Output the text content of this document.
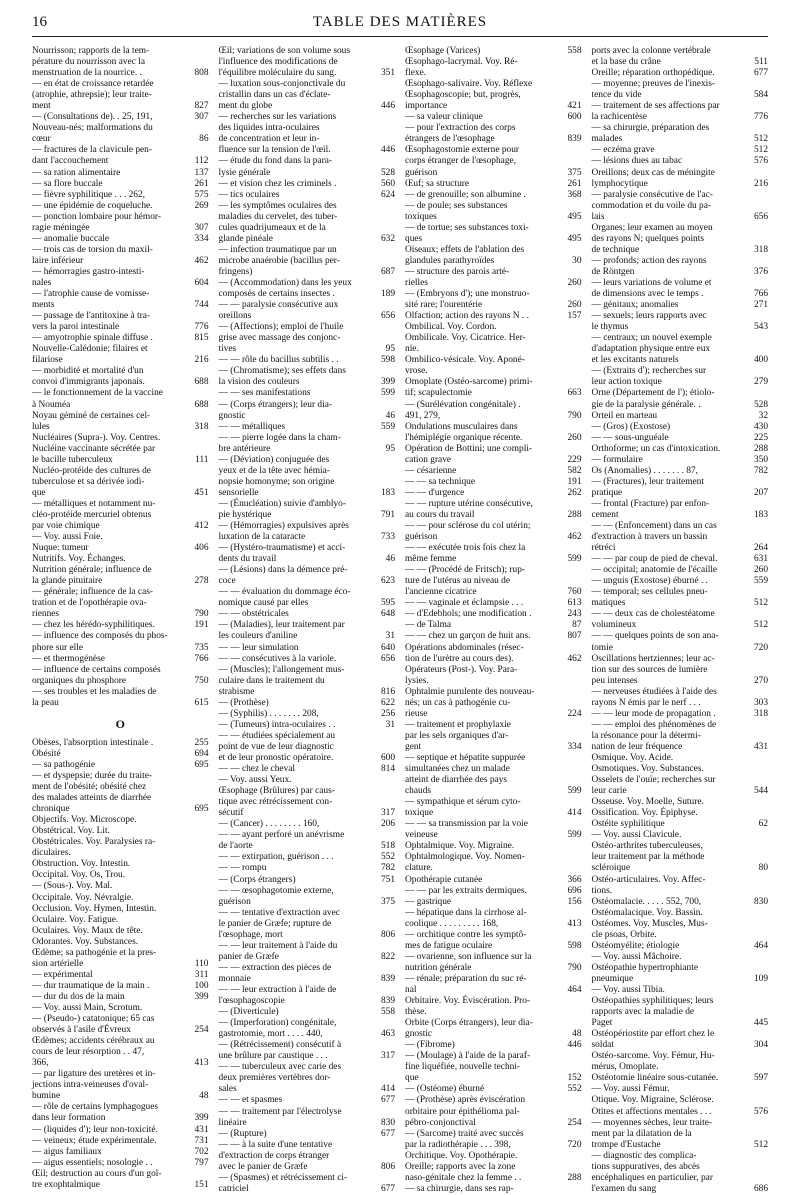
16	TABLE DES MATIÈRES
Nourrisson; rapports de la tem-
pérature du nourrisson avec la
menstruation de la nourrice. .	808
— en état de croissance retardée
(atrophie, athrepsie); leur traite-
ment	827
— (Consultations de). . 25, 191,	307
Nouveau-nés; malformations du
cœur	86
— fractures de la clavicule pen-
dant l'accouchement	112
— sa ration alimentaire	137
— sa flore buccale	261
— fièvre syphilitique . . . 262,	575
— une épidémie de coqueluche.	269
— ponction lombaire pour hémor-
ragie méningée	307
— anomalie buccale	334
— trois cas de torsion du maxil-
laire inférieur	462
— hémorragies gastro-intesti-
nales	604
— l'atrophie cause de vomisse-
ments	744
— passage de l'antitoxine à tra-
vers la paroi intestinale	776
— amyotrophie spinale diffuse .	815
Nouvelle-Calédonie; filaires et
filariose	216
— morbidité et mortalité d'un
convoi d'immigrants japonais.	688
— le fonctionnement de la vaccine
à Nouméa	688
Noyau géminé de certaines cel-
lules	318
Nucléaires (Supra-). Voy. Centres.
Nucléine vaccinante sécrétée par
le bacille tuberculeux	111
Nucléo-protéide des cultures de
tuberculose et sa dérivée iodi-
que	451
— métalliques et notamment nu-
cléo-protéide mercuriel obtenus
par voie chimique	412
— Voy. aussi Foie.
Nuque: tumeur	406
Nutritifs. Voy. Échanges.
Nutrition générale; influence de
la glande pituitaire	278
— générale; influence de la cas-
tration et de l'opothérapie ova-
riennes	790
— chez les hérédo-syphilitiques.	191
— influence des composés du phos-
phore sur elle	735
— et thermogénèse	766
— influence de certains composés
organiques du phosphore	750
— ses troubles et les maladies de
la peau	615
O
Obèses, l'absorption intestinale .	255
Obésité	694
— sa pathogénie	695
— et dyspepsie; durée du traite-
ment de l'obésité; obésité chez
des malades atteints de diarrhée
chronique	695
Objectifs. Voy. Microscope.
Obstétrical. Voy. Lit.
Obstétricales. Voy. Paralysies ra-
diculaires.
Obstruction. Voy. Intestin.
Occipital. Voy. Os, Trou.
— (Sous-). Voy. Mal.
Occipitale. Voy. Névralgie.
Occlusion. Voy. Hymen, Intestin.
Oculaire. Voy. Fatigue.
Oculaires. Voy. Maux de tête.
Odorantes. Voy. Substances.
Œdème; sa pathogénie et la pres-
sion artérielle	110
— expérimental	311
— dur traumatique de la main .	100
— dur du dos de la main	399
— Voy. aussi Main, Scrotum.
— (Pseudo-) catatonique; 65 cas
observés à l'asile d'Évreux	254
Œdèmes; accidents cérébraux au
cours de leur résorption . . 47,
366,	413
— par ligature des uretères et in-
jections intra-veineuses d'oval-
bumine	48
— rôle de certains lymphagogues
dans leur formation	399
— (liquides d'); leur non-toxicité.	431
— veineux; étude expérimentale.	731
— aigus familiaux	702
— aigus essentiels; nosologie . .	797
Œil; destruction au cours d'un goî-
tre exophtalmique	151
Œil; variations de son volume sous
l'influence des modifications de
l'équilibre moléculaire du sang.	351
— luxation sous-conjonctivale du
cristallin dans un cas d'éclate-
ment du globe	446
— recherches sur les variations
des liquides intra-oculaires
de concentration et leur in-
fluence sur la tension de l'œil.	446
— étude du fond dans la para-
lysie générale	528
— et vision chez les criminels .	560
— tics oculaires	624
— les symptômes oculaires des
maladies du cervelet, des tuber-
cules quadrijumeaux et de la
glande pinéale	632
— infection traumatique par un
microbe anaérobie (bacillus per-
fringens)	687
— (Accommodation) dans les yeux
composés de certains insectes .	189
— — paralysie consécutive aux
oreillons	656
— (Affections); emploi de l'huile
grise avec massage des conjonc-
tives	95
— — rôle du bacillus subtilis . .	598
— (Chromatisme); ses effets dans
la vision des couleurs	399
— — ses manifestations	599
— (Corps étrangers); leur dia-
gnostic	46
— — métalliques	559
— — pierre logée dans la cham-
bre antérieure	95
— (Déviation) conjuguée des
yeux et de la tête avec hémia-
nopsie homonyme; son origine
sensorielle	183
— (Énucléation) suivie d'amblyo-
pie hystérique	791
— (Hémorragies) expulsives après
luxation de la cataracte	733
— (Hystéro-traumatisme) et acci-
dents du travail	46
— (Lésions) dans la démence pré-
coce	623
— — évaluation du dommage éco-
nomique causé par elles	595
— — obstétricales	648
— (Maladies), leur traitement par
les couleurs d'aniline	31
— — leur simulation	640
— — consécutives à la variole.	656
— (Muscles); l'allongement mus-
culaire dans le traitement du
strabisme	816
— (Prothèse)	622
— (Syphilis) . . . . . . . 208,	256
— (Tumeurs) intra-oculaires . .	31
— — étudiées spécialement au
point de vue de leur diagnostic
et de leur pronostic opératoire.	600
— — chez le cheval	814
— Voy. aussi Yeux.
Œsophage (Brûlures) par caus-
tique avec rétrécissement con-
sécutif	317
— (Cancer) . . . . . . . . 160,	206
— — ayant perforé un anévrisme
de l'aorte	518
— — extirpation, guérison . . .	552
— — rompu	782
— (Corps étrangers)	751
— — œsophagotomie externe,
guérison	375
— — tentative d'extraction avec
le panier de Græfe; rupture de
l'œsophage, mort	806
— — leur traitement à l'aide du
panier de Græfe	822
— — extraction des pièces de
monnaie	839
— — leur extraction à l'aide de
l'œsophagoscopie	839
— (Diverticule)	558
— (Imperforation) congénitale,
gastrotomie, mort . . . . 440,	463
— (Rétrécissement) consécutif à
une brûlure par caustique . . .	317
— — tuberculeux avec carie des
deux premières vertèbres dor-
sales	414
— — et spasmes	677
— — traitement par l'électrolyse
linéaire	830
— (Rupture)	677
— — à la suite d'une tentative
d'extraction de corps étranger
avec le panier de Græfe	806
— (Spasmes) et rétrécissement ci-
catriciel	677
Œsophage (Varices)	558
Œsophago-lacrymal. Voy. Ré-
flexe.
Œsophago-salivaire. Voy. Réflexe
Œsophagoscopie; but, progrès,
importance	421
— sa valeur clinique	600
— pour l'extraction des corps
étrangers de l'œsophage	839
Œsophagostomie externe pour
corps étranger de l'œsophage,
guérison	375
Œuf; sa structure	261
— de grenouille; son albumine .	368
— de poule; ses substances
toxiques	495
— de tortue; ses substances toxi-
ques	495
Oiseaux; effets de l'ablation des
glandules parathyroïdes	30
— structure des parois arté-
rielles	260
— (Embryons d'); une monstruo-
sité rare; l'ourentérie	260
Olfaction; action des rayons N . .	157
Ombilical. Voy. Cordon.
Ombilicale. Voy. Cicatrice. Her-
nie.
Ombilico-vésicale. Voy. Aponé-
vrose.
Omoplate (Ostéo-sarcome) primi-
tif; scapulectomie	663
— (Surélévation congénitale) .
491, 279,	790
Ondulations musculaires dans
l'hémiplégie organique récente.	260
Opération de Bottini; une compli-
cation grave	229
— césarienne	582
— — sa technique	191
— — d'urgence	262
— — rupture utérine consécutive,
au cours du travail	288
— — pour sclérose du col utérin;
guérison	462
— — exécutée trois fois chez la
même femme	599
— — (Procédé de Fritsch); rup-
ture de l'utérus au niveau de
l'ancienne cicatrice	760
— — vaginale et éclampsie . . .	613
— d'Edebhols; une modification .	243
— de Talma	87
— — chez un garçon de huit ans.	807
Opérations abdominales (résec-
tion de l'urètre au cours des).	462
Opérateurs (Post-). Voy. Para-
lysies.
Ophtalmie purulente des nouveau-
nés; un cas à pathogénie cu-
rieuse	224
— traitement et prophylaxie
par les sels organiques d'ar-
gent	334
— septique et hépatite suppurée
simultanées chez un malade
atteint de diarrhée des pays
chauds	599
— sympathique et sérum cyto-
toxique	414
— — sa transmission par la voie
veineuse	599
Ophtalmique. Voy. Migraine.
Ophtalmologique. Voy. Nomen-
clature.
Opothérapie cutanée	366
— — par les extraits dermiques.	696
— gastrique	156
— hépatique dans la cirrhose al-
coolique . . . . . . . . . 168,	413
— orchitique contre les symptô-
mes de fatigue oculaire	598
— ovarienne, son influence sur la
nutrition générale	790
— rénale; préparation du suc ré-
nal	464
Orbitaire. Voy. Éviscération. Pro-
thèse.
Orbite (Corps étrangers), leur dia-
gnostic	48
— (Fibrome)	446
— (Moulage) à l'aide de la paraf-
fine liquéfiée, nouvelle techni-
que	152
— (Ostéome) éburné	552
— (Prothèse) après éviscération
orbitaire pour épithélioma pal-
pébro-conjonctival	254
— (Sarcome) traité avec succès
par la radiothérapie . . . 398,	720
Orchitique. Voy. Opothérapie.
Oreille; rapports avec la zone
naso-génitale chez la femme . .	288
— sa chirurgie, dans ses rap-
ports avec la colonne vertébrale
et la base du crâne	511
Oreille; réparation orthopédique.	677
— moyenne; preuves de l'inexis-
tence du vide	584
— traitement de ses affections par
la rachicentèse	776
— sa chirurgie, préparation des
malades	512
— eczéma grave	512
— lésions dues au tabac	576
Oreillons; deux cas de méningite
lymphocytique	216
— paralysie consécutive de l'ac-
commodation et du voile du pa-
lais	656
Organes; leur examen au moyen
des rayons N; quelques points
de technique	318
— profonds; action des rayons
de Röntgen	376
— leurs variations de volume et
de dimensions avec le temps .	766
— génitaux; anomalies	271
— sexuels; leurs rapports avec
le thymus	543
— centraux; un nouvel exemple
d'adaptation physique entre eux
et les excitants naturels	400
— (Extraits d'); recherches sur
leur action toxique	279
Orne (Département de l'); étiolo-
gie de la paralysie générale. .	528
Orteil en marteau	32
— (Gros) (Exostose)	430
— — sous-unguéale	225
Orthoforme; un cas d'intoxication.	288
— formulaire	350
Os (Anomalies) . . . . . . . 87,	782
— (Fractures), leur traitement
pratique	207
— frontal (Fracture) par enfon-
cement	183
— — (Enfoncement) dans un cas
d'extraction à travers un bassin
rétréci	264
— — par coup de pied de cheval.	631
— occipital; anatomie de l'écaille	260
— unguis (Exostose) éburné . .	559
— temporal; ses cellules pneu-
matiques	512
— — deux cas de cholestéatome
volumineux	512
— — quelques points de son ana-
tomie	720
Oscillations hertziennes; leur ac-
tion sur des sources de lumière
peu intenses	270
— nerveuses étudiées à l'aide des
rayons N émis par le nerf . . .	303
— — leur mode de propagation .	318
— — emploi des phénomènes de
la résonance pour la détermi-
nation de leur fréquence	431
Osmique. Voy. Acide.
Osmotiques. Voy. Substances.
Osselets de l'ouïe; recherches sur
leur carie	544
Osseuse. Voy. Moelle, Suture.
Ossification. Voy. Épiphyse.
Ostéite syphilitique	62
— Voy. aussi Clavicule.
Ostéo-arthrites tuberculeuses,
leur traitement par la méthode
scléroique	80
Ostéo-articulaires. Voy. Affec-
tions.
Ostéomalacie. . . . . 552, 700,	830
Ostéomalacique. Voy. Bassin.
Ostéomes. Voy. Muscles, Mus-
cle psoas, Orbite.
Ostéomyélite; étiologie	464
— Voy. aussi Mâchoire.
Ostéopathie hypertrophiante
pneumique	109
— Voy. aussi Tibia.
Ostéopathies syphilitiques; leurs
rapports avec la maladie de
Paget	445
Ostéopériostite par effort chez le
soldat	304
Ostéo-sarcome. Voy. Fémur, Hu-
mérus, Omoplate.
Ostéotomie linéaire sous-cutanée.	597
— Voy. aussi Fémur.
Otique. Voy. Migraine, Sclérose.
Otites et affections mentales . . .	576
— moyennes sèches, leur traite-
ment par la dilatation de la
trompe d'Eustache	512
— diagnostic des complica-
tions suppuratives, des abcès
encéphaliques en particulier, par
l'examen du sang	686
